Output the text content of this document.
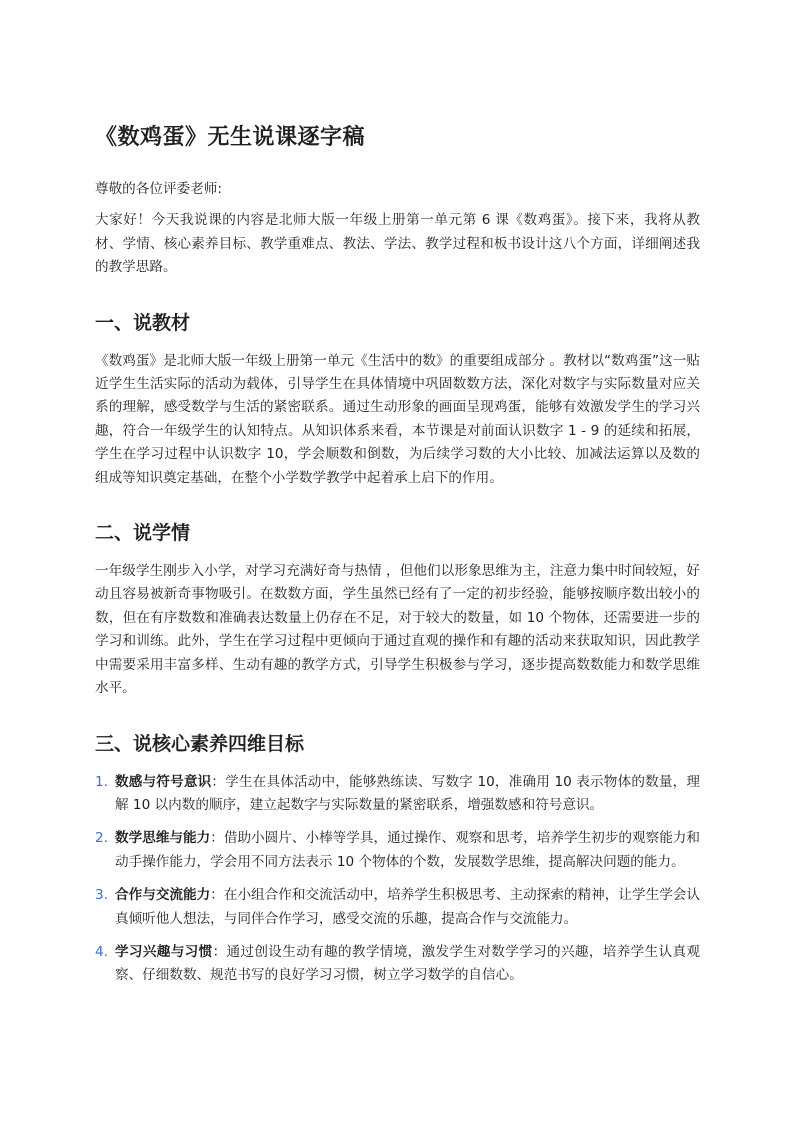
《数鸡蛋》无生说课逐字稿

尊敬的各位评委老师:

大家好！今天我说课的内容是北师大版一年级上册第一单元第 6 课《数鸡蛋》。接下来，我将从教材、学情、核心素养目标、教学重难点、教法、学法、教学过程和板书设计这八个方面，详细阐述我的教学思路。

一、说教材

《数鸡蛋》是北师大版一年级上册第一单元《生活中的数》的重要组成部分 。教材以“数鸡蛋”这一贴近学生生活实际的活动为载体，引导学生在具体情境中巩固数数方法，深化对数字与实际数量对应关系的理解，感受数学与生活的紧密联系。通过生动形象的画面呈现鸡蛋，能够有效激发学生的学习兴趣，符合一年级学生的认知特点。从知识体系来看，本节课是对前面认识数字 1 - 9 的延续和拓展，学生在学习过程中认识数字 10，学会顺数和倒数，为后续学习数的大小比较、加减法运算以及数的组成等知识奠定基础，在整个小学数学教学中起着承上启下的作用。

二、说学情

一年级学生刚步入小学，对学习充满好奇与热情 ，但他们以形象思维为主，注意力集中时间较短，好动且容易被新奇事物吸引。在数数方面，学生虽然已经有了一定的初步经验，能够按顺序数出较小的数，但在有序数数和准确表达数量上仍存在不足，对于较大的数量，如 10 个物体，还需要进一步的学习和训练。此外，学生在学习过程中更倾向于通过直观的操作和有趣的活动来获取知识，因此教学中需要采用丰富多样、生动有趣的教学方式，引导学生积极参与学习，逐步提高数数能力和数学思维水平。

三、说核心素养四维目标
1. 数感与符号意识：学生在具体活动中，能够熟练读、写数字 10，准确用 10 表示物体的数量，理解 10 以内数的顺序，建立起数字与实际数量的紧密联系，增强数感和符号意识。
2. 数学思维与能力：借助小圆片、小棒等学具，通过操作、观察和思考，培养学生初步的观察能力和动手操作能力，学会用不同方法表示 10 个物体的个数，发展数学思维，提高解决问题的能力。
3. 合作与交流能力：在小组合作和交流活动中，培养学生积极思考、主动探索的精神，让学生学会认真倾听他人想法，与同伴合作学习，感受交流的乐趣，提高合作与交流能力。
4. 学习兴趣与习惯：通过创设生动有趣的教学情境，激发学生对数学学习的兴趣，培养学生认真观察、仔细数数、规范书写的良好学习习惯，树立学习数学的自信心。
